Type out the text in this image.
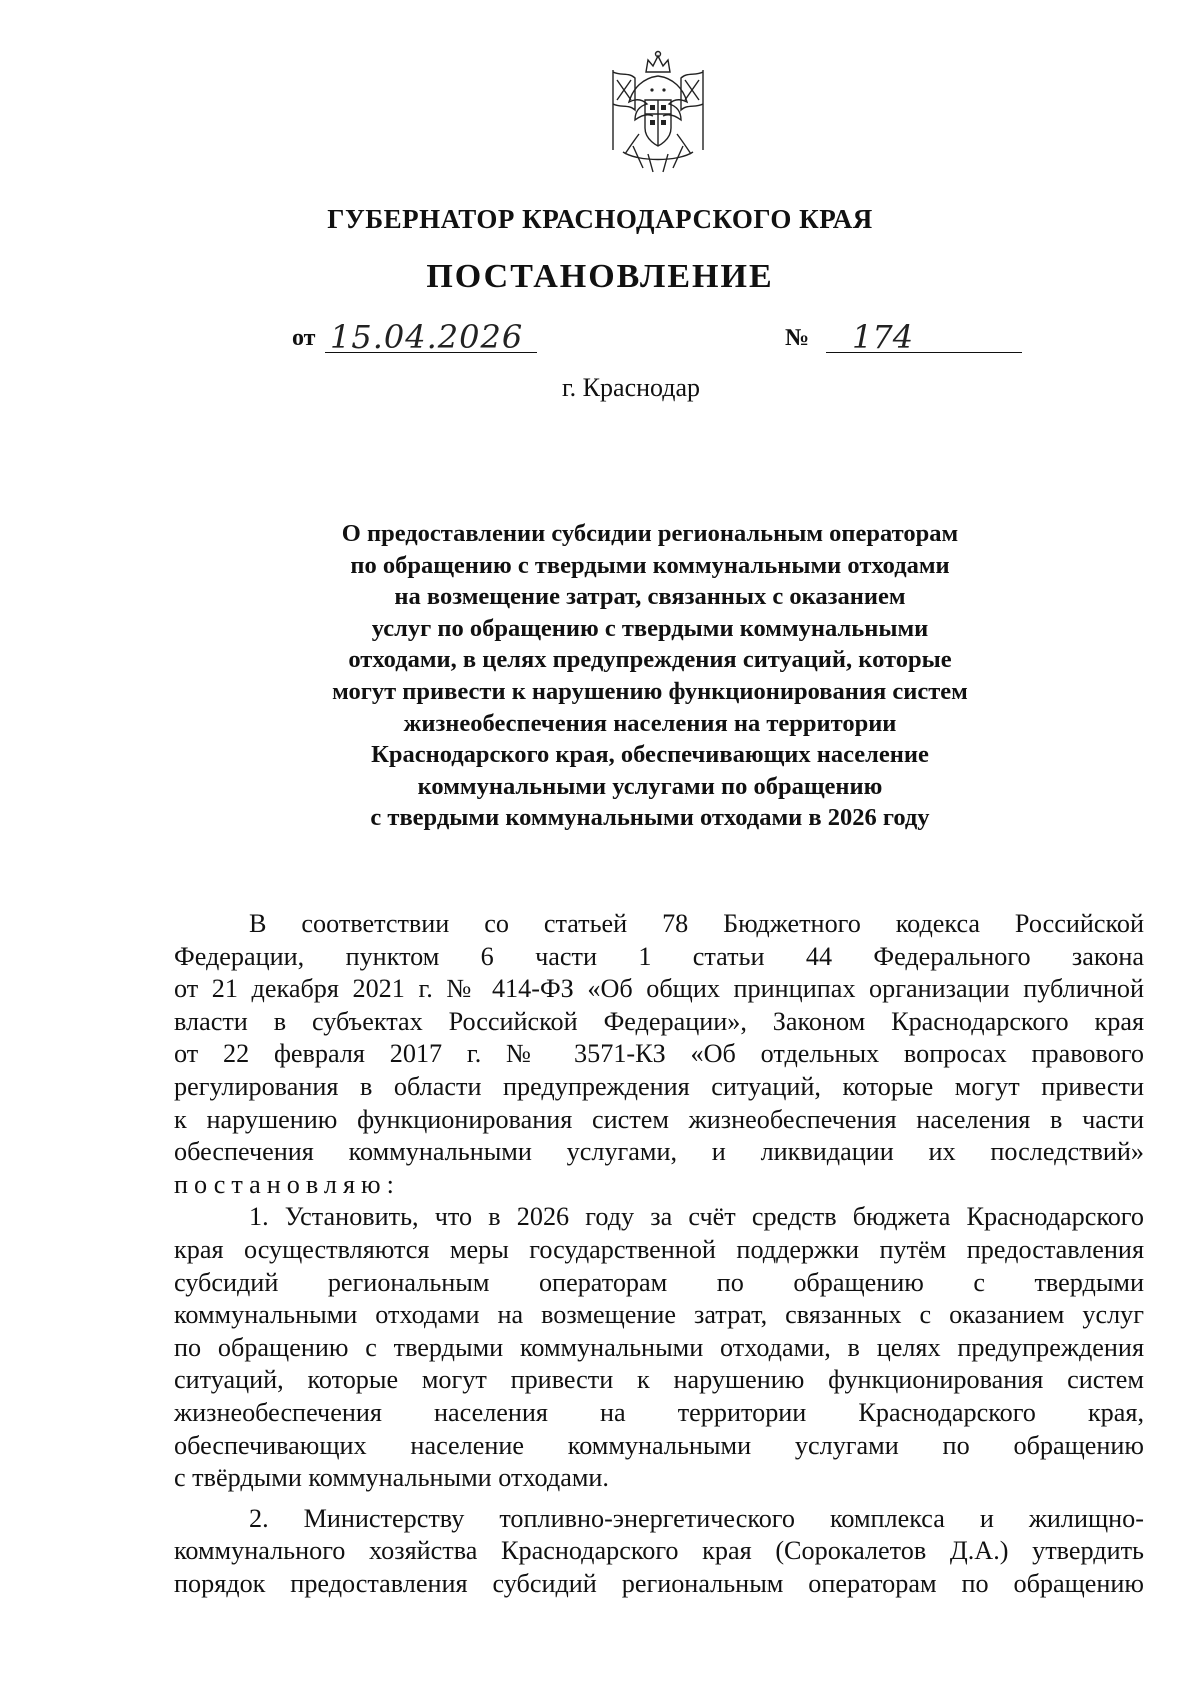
ГУБЕРНАТОР КРАСНОДАРСКОГО КРАЯ
ПОСТАНОВЛЕНИЕ
от 15.04.2026	№ 174
г. Краснодар
О предоставлении субсидии региональным операторам
по обращению с твердыми коммунальными отходами
на возмещение затрат, связанных с оказанием
услуг по обращению с твердыми коммунальными
отходами, в целях предупреждения ситуаций, которые
могут привести к нарушению функционирования систем
жизнеобеспечения населения на территории
Краснодарского края, обеспечивающих население
коммунальными услугами по обращению
с твердыми коммунальными отходами в 2026 году
В соответствии со статьей 78 Бюджетного кодекса Российской
Федерации, пунктом 6 части 1 статьи 44 Федерального закона
от 21 декабря 2021 г. № 414-ФЗ «Об общих принципах организации публичной
власти в субъектах Российской Федерации», Законом Краснодарского края
от 22 февраля 2017 г. № 3571-КЗ «Об отдельных вопросах правового
регулирования в области предупреждения ситуаций, которые могут привести
к нарушению функционирования систем жизнеобеспечения населения в части
обеспечения коммунальными услугами, и ликвидации их последствий»
постановляю:
1. Установить, что в 2026 году за счёт средств бюджета Краснодарского
края осуществляются меры государственной поддержки путём предоставления
субсидий региональным операторам по обращению с твердыми
коммунальными отходами на возмещение затрат, связанных с оказанием услуг
по обращению с твердыми коммунальными отходами, в целях предупреждения
ситуаций, которые могут привести к нарушению функционирования систем
жизнеобеспечения населения на территории Краснодарского края,
обеспечивающих население коммунальными услугами по обращению
с твёрдыми коммунальными отходами.
2. Министерству топливно-энергетического комплекса и жилищно-
коммунального хозяйства Краснодарского края (Сорокалетов Д.А.) утвердить
порядок предоставления субсидий региональным операторам по обращению
